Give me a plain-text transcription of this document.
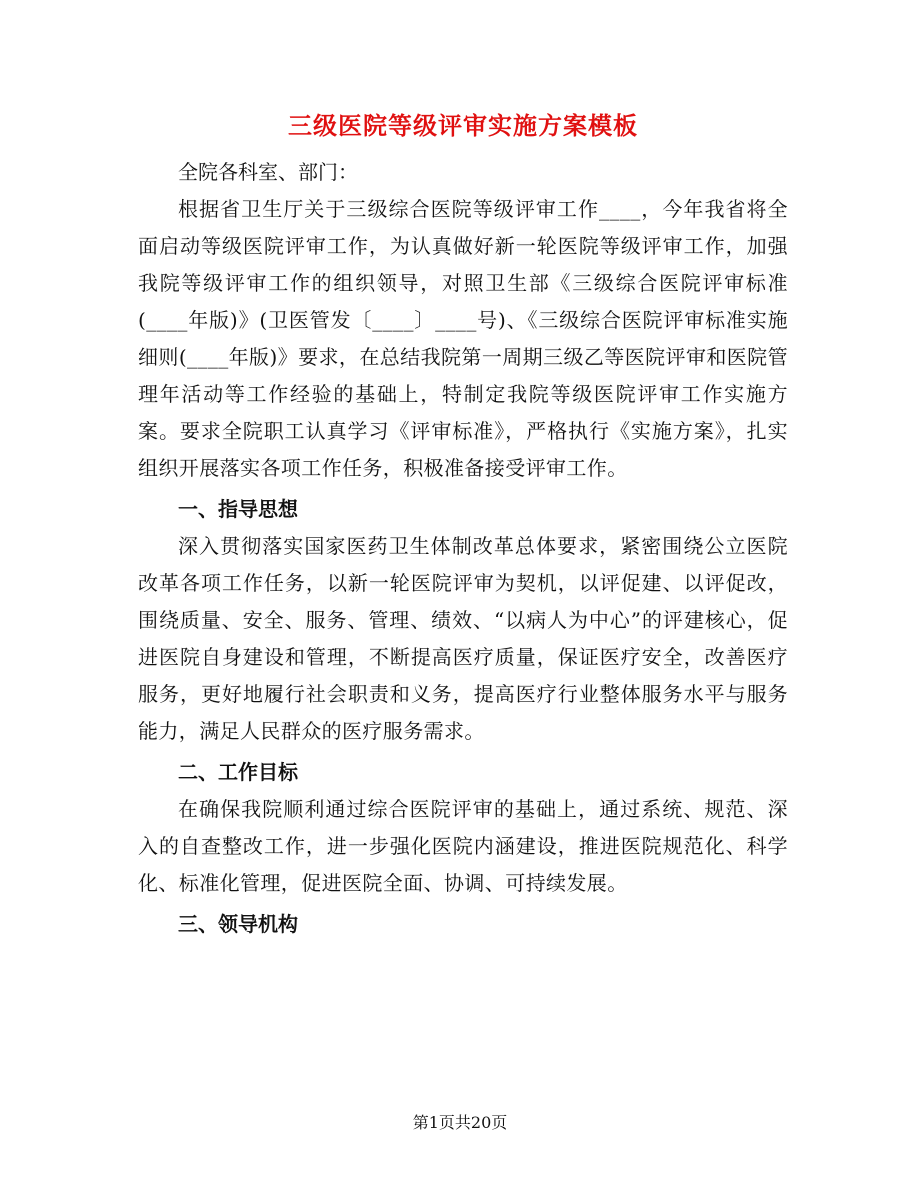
三级医院等级评审实施方案模板

全院各科室、部门：

根据省卫生厅关于三级综合医院等级评审工作____，今年我省将全面启动等级医院评审工作，为认真做好新一轮医院等级评审工作，加强我院等级评审工作的组织领导，对照卫生部《三级综合医院评审标准(____年版)》(卫医管发〔____〕____号)、《三级综合医院评审标准实施细则(____年版)》要求，在总结我院第一周期三级乙等医院评审和医院管理年活动等工作经验的基础上，特制定我院等级医院评审工作实施方案。要求全院职工认真学习《评审标准》，严格执行《实施方案》，扎实组织开展落实各项工作任务，积极准备接受评审工作。

一、指导思想

深入贯彻落实国家医药卫生体制改革总体要求，紧密围绕公立医院改革各项工作任务，以新一轮医院评审为契机，以评促建、以评促改，围绕质量、安全、服务、管理、绩效、“以病人为中心”的评建核心，促进医院自身建设和管理，不断提高医疗质量，保证医疗安全，改善医疗服务，更好地履行社会职责和义务，提高医疗行业整体服务水平与服务能力，满足人民群众的医疗服务需求。

二、工作目标

在确保我院顺利通过综合医院评审的基础上，通过系统、规范、深入的自查整改工作，进一步强化医院内涵建设，推进医院规范化、科学化、标准化管理，促进医院全面、协调、可持续发展。

三、领导机构

第1页共20页
